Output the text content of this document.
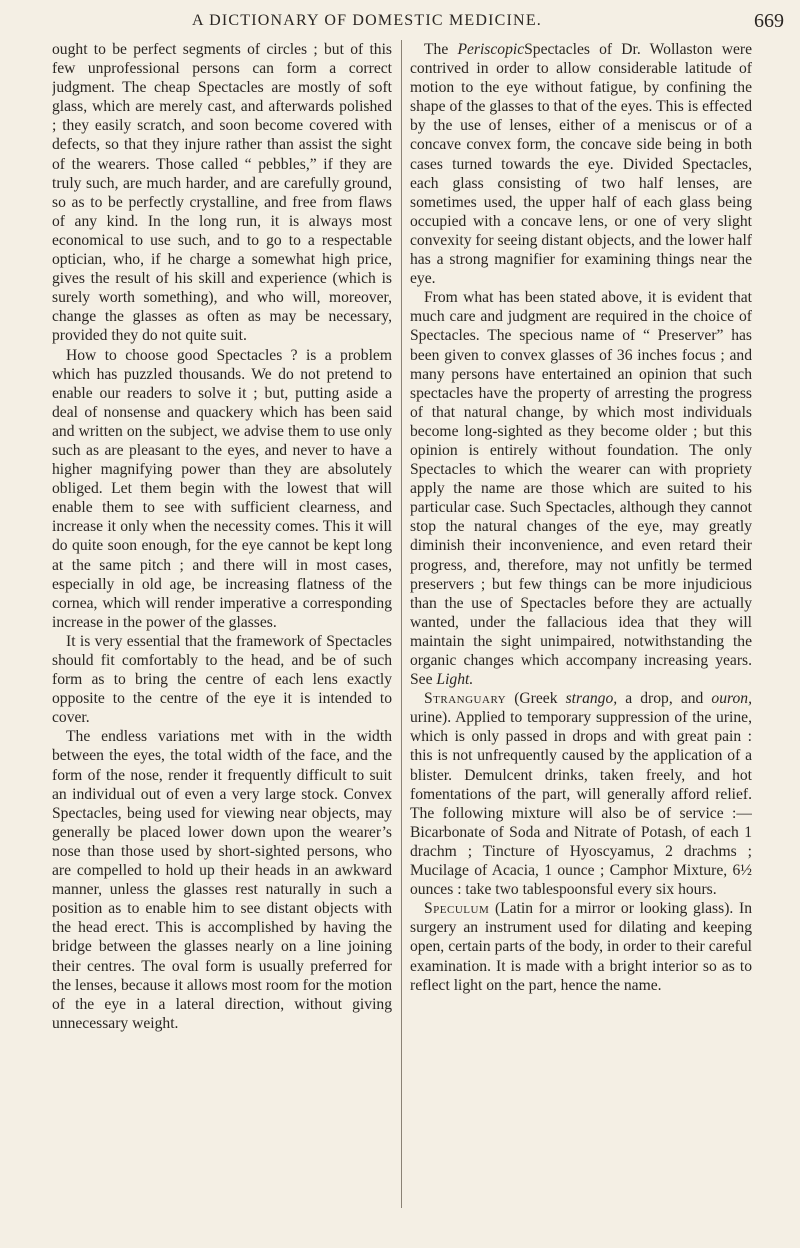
A DICTIONARY OF DOMESTIC MEDICINE.	669

ought to be perfect segments of circles ; but of this few unprofessional persons can form a correct judgment. The cheap Spectacles are mostly of soft glass, which are merely cast, and afterwards polished ; they easily scratch, and soon become covered with defects, so that they injure rather than assist the sight of the wearers. Those called “ pebbles,” if they are truly such, are much harder, and are carefully ground, so as to be perfectly crystalline, and free from flaws of any kind. In the long run, it is always most economical to use such, and to go to a respectable optician, who, if he charge a somewhat high price, gives the result of his skill and experience (which is surely worth something), and who will, moreover, change the glasses as often as may be necessary, provided they do not quite suit.

How to choose good Spectacles ? is a problem which has puzzled thousands. We do not pretend to enable our readers to solve it ; but, putting aside a deal of nonsense and quackery which has been said and written on the subject, we advise them to use only such as are pleasant to the eyes, and never to have a higher magnifying power than they are absolutely obliged. Let them begin with the lowest that will enable them to see with sufficient clearness, and increase it only when the necessity comes. This it will do quite soon enough, for the eye cannot be kept long at the same pitch ; and there will in most cases, especially in old age, be increasing flatness of the cornea, which will render imperative a corresponding increase in the power of the glasses.

It is very essential that the framework of Spectacles should fit comfortably to the head, and be of such form as to bring the centre of each lens exactly opposite to the centre of the eye it is intended to cover.

The endless variations met with in the width between the eyes, the total width of the face, and the form of the nose, render it frequently difficult to suit an individual out of even a very large stock. Convex Spectacles, being used for viewing near objects, may generally be placed lower down upon the wearer’s nose than those used by short-sighted persons, who are compelled to hold up their heads in an awkward manner, unless the glasses rest naturally in such a position as to enable him to see distant objects with the head erect. This is accomplished by having the bridge between the glasses nearly on a line joining their centres. The oval form is usually preferred for the lenses, because it allows most room for the motion of the eye in a lateral direction, without giving unnecessary weight.

The PeriscopicSpectacles of Dr. Wollaston were contrived in order to allow considerable latitude of motion to the eye without fatigue, by confining the shape of the glasses to that of the eyes. This is effected by the use of lenses, either of a meniscus or of a concave convex form, the concave side being in both cases turned towards the eye. Divided Spectacles, each glass consisting of two half lenses, are sometimes used, the upper half of each glass being occupied with a concave lens, or one of very slight convexity for seeing distant objects, and the lower half has a strong magnifier for examining things near the eye.

From what has been stated above, it is evident that much care and judgment are required in the choice of Spectacles. The specious name of “ Preserver” has been given to convex glasses of 36 inches focus ; and many persons have entertained an opinion that such spectacles have the property of arresting the progress of that natural change, by which most individuals become long-sighted as they become older ; but this opinion is entirely without foundation. The only Spectacles to which the wearer can with propriety apply the name are those which are suited to his particular case. Such Spectacles, although they cannot stop the natural changes of the eye, may greatly diminish their inconvenience, and even retard their progress, and, therefore, may not unfitly be termed preservers ; but few things can be more injudicious than the use of Spectacles before they are actually wanted, under the fallacious idea that they will maintain the sight unimpaired, notwithstanding the organic changes which accompany increasing years. See Light.

Stranguary (Greek strango, a drop, and ouron, urine). Applied to temporary suppression of the urine, which is only passed in drops and with great pain : this is not unfrequently caused by the application of a blister. Demulcent drinks, taken freely, and hot fomentations of the part, will generally afford relief. The following mixture will also be of service :—Bicarbonate of Soda and Nitrate of Potash, of each 1 drachm ; Tincture of Hyoscyamus, 2 drachms ; Mucilage of Acacia, 1 ounce ; Camphor Mixture, 6½ ounces : take two tablespoonsful every six hours.

Speculum (Latin for a mirror or looking glass). In surgery an instrument used for dilating and keeping open, certain parts of the body, in order to their careful examination. It is made with a bright interior so as to reflect light on the part, hence the name.
